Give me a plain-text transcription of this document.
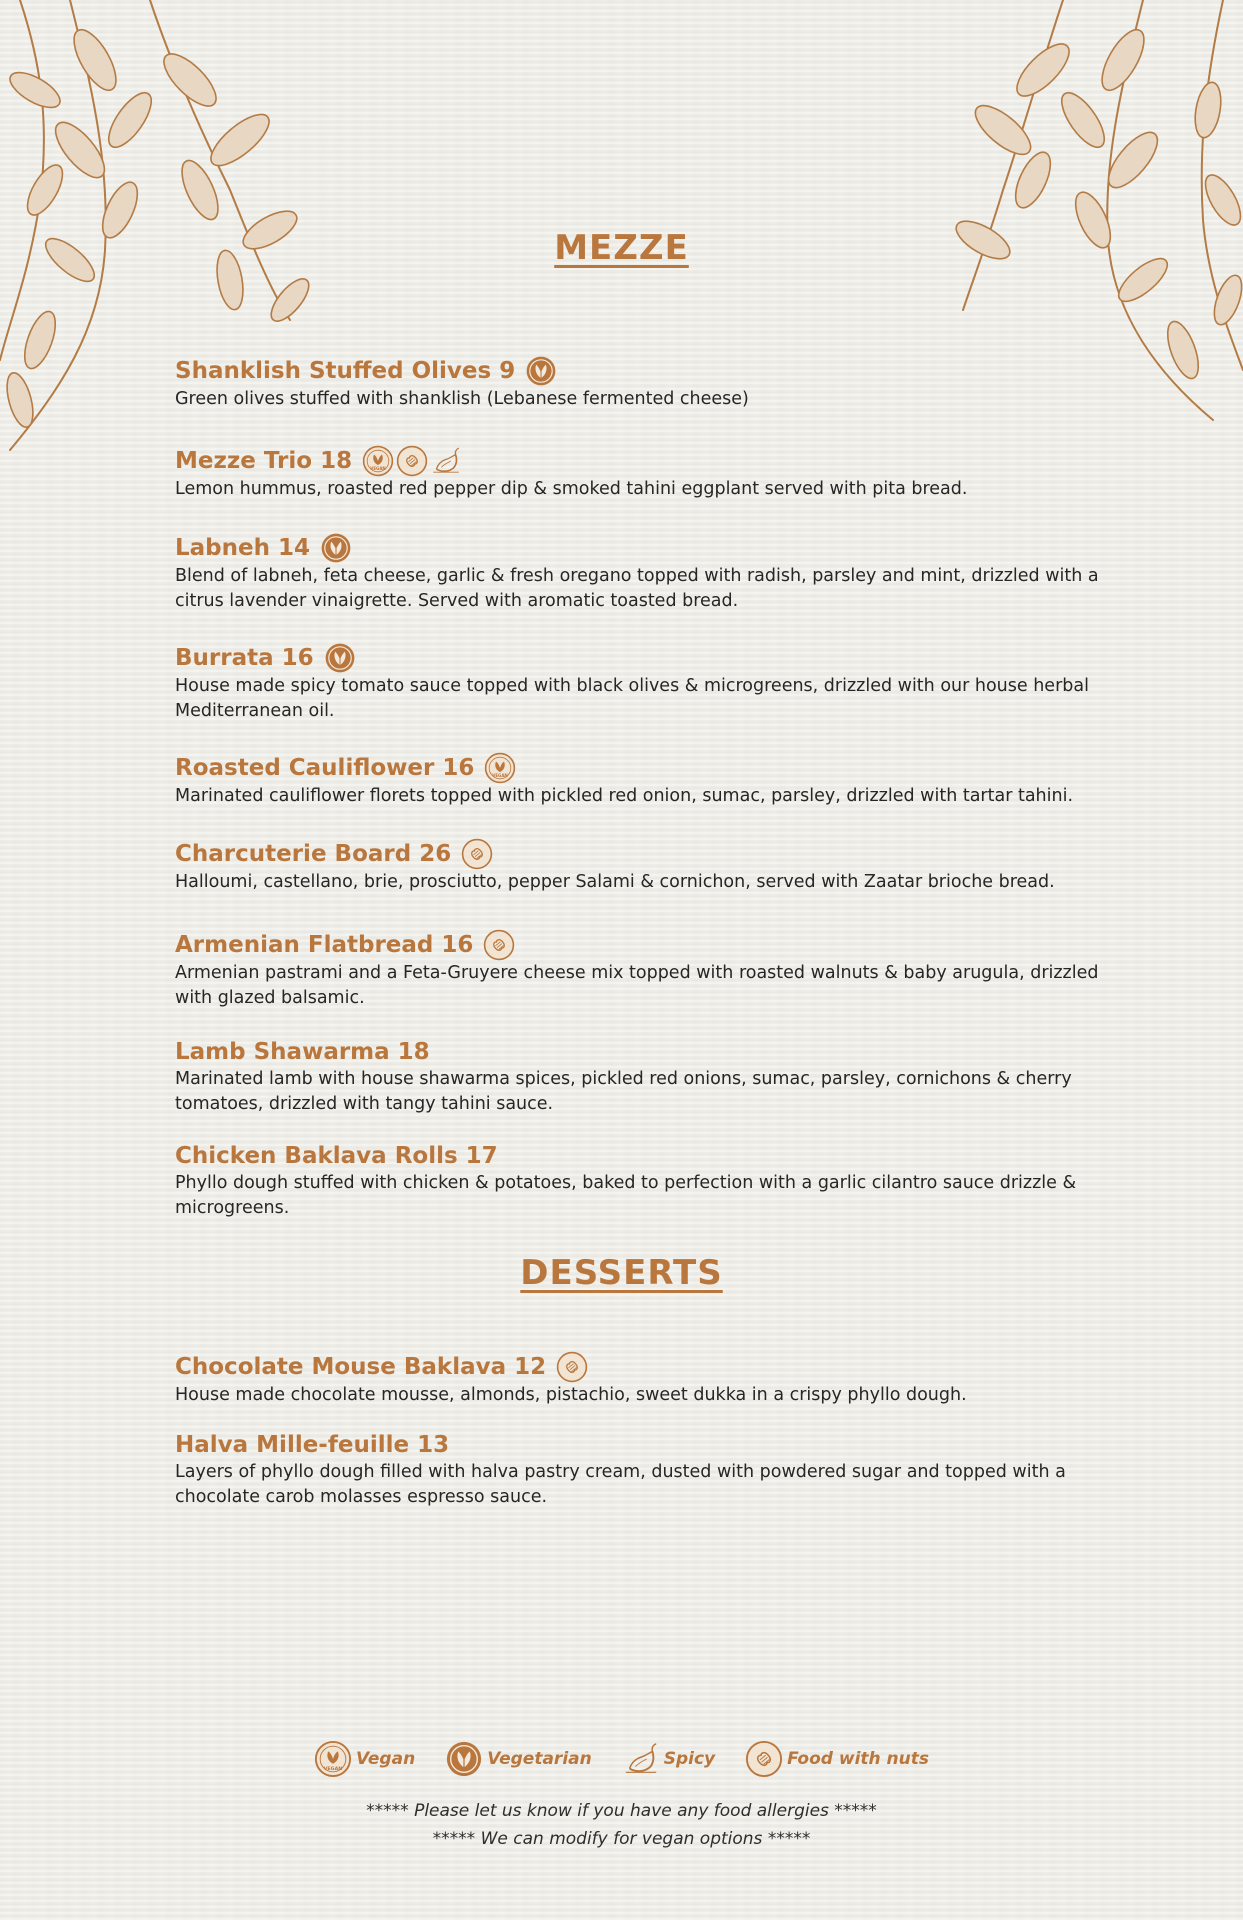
MEZZE
Shanklish Stuffed Olives 9
Green olives stuffed with shanklish (Lebanese fermented cheese)
Mezze Trio 18
Lemon hummus, roasted red pepper dip & smoked tahini eggplant served with pita bread.
Labneh 14
Blend of labneh, feta cheese, garlic & fresh oregano topped with radish, parsley and mint, drizzled with a citrus lavender vinaigrette. Served with aromatic toasted bread.
Burrata 16
House made spicy tomato sauce topped with black olives & microgreens, drizzled with our house herbal Mediterranean oil.
Roasted Cauliflower 16
Marinated cauliflower florets topped with pickled red onion, sumac, parsley, drizzled with tartar tahini.
Charcuterie Board 26
Halloumi, castellano, brie, prosciutto, pepper Salami & cornichon, served with Zaatar brioche bread.
Armenian Flatbread 16
Armenian pastrami and a Feta-Gruyere cheese mix topped with roasted walnuts & baby arugula, drizzled with glazed balsamic.
Lamb Shawarma 18
Marinated lamb with house shawarma spices, pickled red onions, sumac, parsley, cornichons & cherry tomatoes, drizzled with tangy tahini sauce.
Chicken Baklava Rolls 17
Phyllo dough stuffed with chicken & potatoes, baked to perfection with a garlic cilantro sauce drizzle & microgreens.
DESSERTS
Chocolate Mouse Baklava 12
House made chocolate mousse, almonds, pistachio, sweet dukka in a crispy phyllo dough.
Halva Mille-feuille 13
Layers of phyllo dough filled with halva pastry cream, dusted with powdered sugar and topped with a chocolate carob molasses espresso sauce.
Vegan	Vegetarian	Spicy	Food with nuts
***** Please let us know if you have any food allergies *****
***** We can modify for vegan options *****
